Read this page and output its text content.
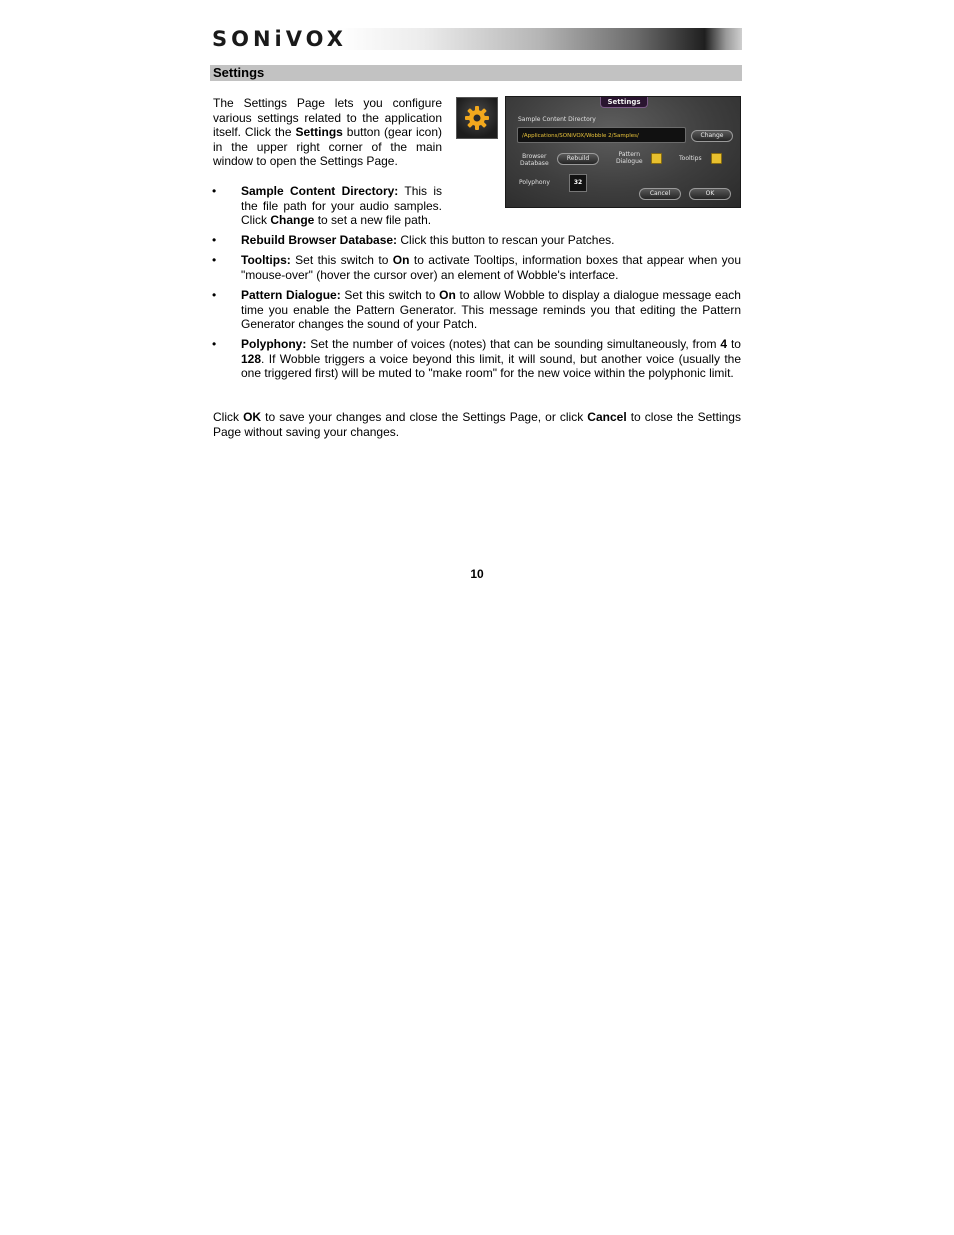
SONiVOX
Settings
The Settings Page lets you configure various settings related to the application itself. Click the Settings button (gear icon) in the upper right corner of the main window to open the Settings Page.
Settings
Sample Content Directory
/Applications/SONiVOX/Wobble 2/Samples/	Change
Browser
Database
Rebuild
Pattern
Dialogue	Tooltips
Polyphony	32
Cancel	OK
• Sample Content Directory: This is the file path for your audio samples. Click Change to set a new file path.
• Rebuild Browser Database: Click this button to rescan your Patches.
• Tooltips: Set this switch to On to activate Tooltips, information boxes that appear when you "mouse-over" (hover the cursor over) an element of Wobble's interface.
• Pattern Dialogue: Set this switch to On to allow Wobble to display a dialogue message each time you enable the Pattern Generator. This message reminds you that editing the Pattern Generator changes the sound of your Patch.
• Polyphony: Set the number of voices (notes) that can be sounding simultaneously, from 4 to 128. If Wobble triggers a voice beyond this limit, it will sound, but another voice (usually the one triggered first) will be muted to "make room" for the new voice within the polyphonic limit.
Click OK to save your changes and close the Settings Page, or click Cancel to close the Settings Page without saving your changes.
10
